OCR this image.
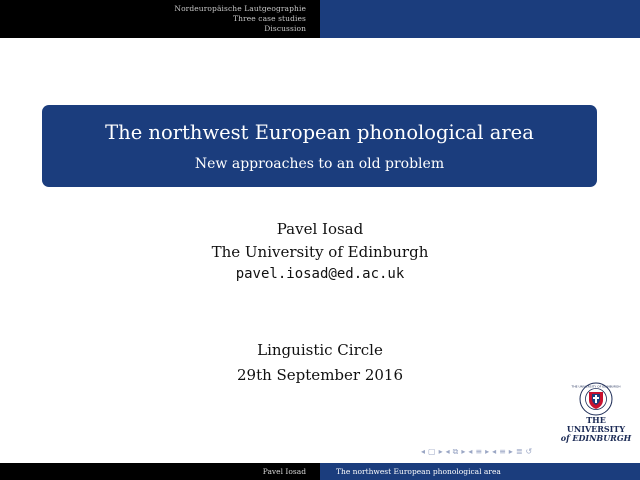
Nordeuropäische Lautgeographie
Three case studies
Discussion
The northwest European phonological area
New approaches to an old problem
Pavel Iosad
The University of Edinburgh
pavel.iosad@ed.ac.uk
Linguistic Circle
29th September 2016
THE UNIVERSITY OF EDINBURGH
THE UNIVERSITY
of EDINBURGH
◂ ▢ ▸ ◂ ⧉ ▸ ◂ ≡ ▸ ◂ ≡ ▸ ≣ ↺
Pavel Iosad	The northwest European phonological area
